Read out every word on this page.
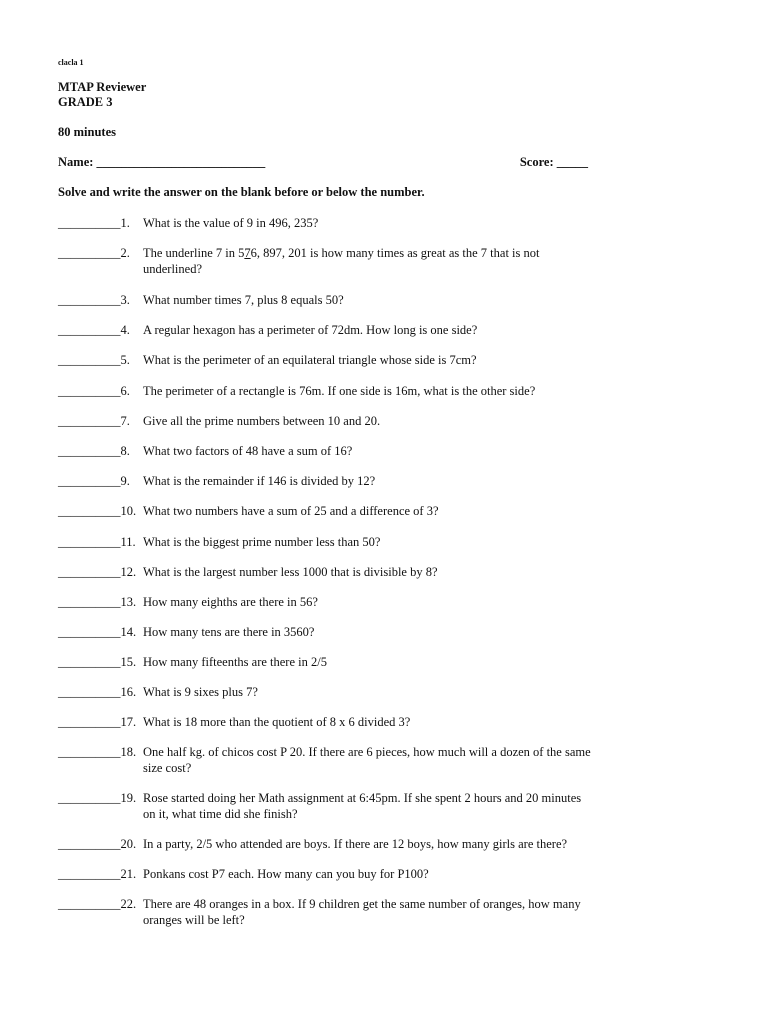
clacla 1
MTAP Reviewer
GRADE 3
80 minutes
Name: ___________________________	Score: _____
Solve and write the answer on the blank before or below the number.
__________1. What is the value of 9 in 496, 235?
__________2. The underline 7 in 576, 897, 201 is how many times as great as the 7 that is not underlined?
__________3. What number times 7, plus 8 equals 50?
__________4. A regular hexagon has a perimeter of 72dm. How long is one side?
__________5. What is the perimeter of an equilateral triangle whose side is 7cm?
__________6. The perimeter of a rectangle is 76m. If one side is 16m, what is the other side?
__________7. Give all the prime numbers between 10 and 20.
__________8. What two factors of 48 have a sum of 16?
__________9. What is the remainder if 146 is divided by 12?
__________10. What two numbers have a sum of 25 and a difference of 3?
__________11. What is the biggest prime number less than 50?
__________12. What is the largest number less 1000 that is divisible by 8?
__________13. How many eighths are there in 56?
__________14. How many tens are there in 3560?
__________15. How many fifteenths are there in 2/5
__________16. What is 9 sixes plus 7?
__________17. What is 18 more than the quotient of 8 x 6 divided 3?
__________18. One half kg. of chicos cost P 20. If there are 6 pieces, how much will a dozen of the same size cost?
__________19. Rose started doing her Math assignment at 6:45pm. If she spent 2 hours and 20 minutes on it, what time did she finish?
__________20. In a party, 2/5 who attended are boys. If there are 12 boys, how many girls are there?
__________21. Ponkans cost P7 each. How many can you buy for P100?
__________22. There are 48 oranges in a box. If 9 children get the same number of oranges, how many oranges will be left?
